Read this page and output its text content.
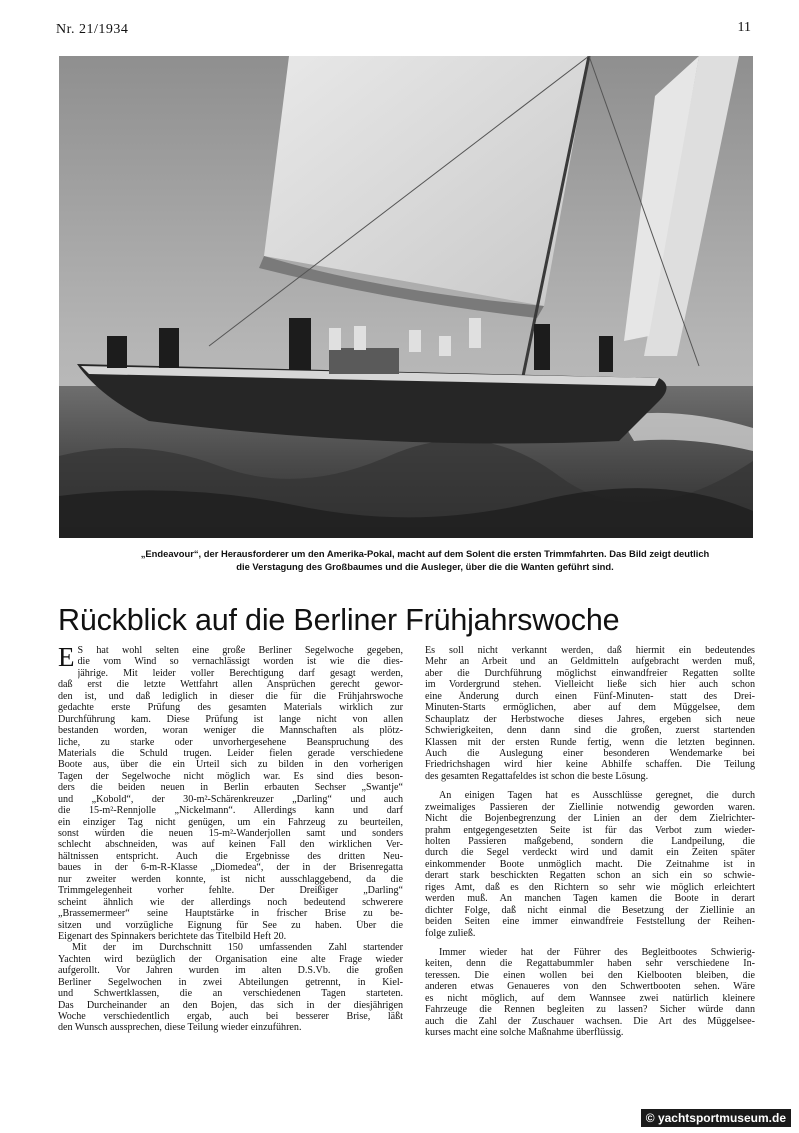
Nr. 21/1934	11
„Endeavour“, der Herausforderer um den Amerika-Pokal, macht auf dem Solent die ersten Trimmfahrten. Das Bild zeigt deutlich
die Verstagung des Großbaumes und die Ausleger, über die die Wanten geführt sind.
Rückblick auf die Berliner Frühjahrswoche
E S hat wohl selten eine große Berliner Segelwoche gegeben,
die vom Wind so vernachlässigt worden ist wie die dies-
jährige. Mit leider voller Berechtigung darf gesagt werden,
daß erst die letzte Wettfahrt allen Ansprüchen gerecht gewor-
den ist, und daß lediglich in dieser die für die Frühjahrswoche
gedachte erste Prüfung des gesamten Materials wirklich zur
Durchführung kam. Diese Prüfung ist lange nicht von allen
bestanden worden, woran weniger die Mannschaften als plötz-
liche, zu starke oder unvorhergesehene Beanspruchung des
Materials die Schuld trugen. Leider fielen gerade verschiedene
Boote aus, über die ein Urteil sich zu bilden in den vorherigen
Tagen der Segelwoche nicht möglich war. Es sind dies beson-
ders die beiden neuen in Berlin erbauten Sechser „Swantje“
und „Kobold“, der 30-m²-Schärenkreuzer „Darling“ und auch
die 15-m²-Rennjolle „Nickelmann“. Allerdings kann und darf
ein einziger Tag nicht genügen, um ein Fahrzeug zu beurteilen,
sonst würden die neuen 15-m²-Wanderjollen samt und sonders
schlecht abschneiden, was auf keinen Fall den wirklichen Ver-
hältnissen entspricht. Auch die Ergebnisse des dritten Neu-
baues in der 6-m-R-Klasse „Diomedea“, der in der Brisenregatta
nur zweiter werden konnte, ist nicht ausschlaggebend, da die
Trimmgelegenheit vorher fehlte. Der Dreißiger „Darling“
scheint ähnlich wie der allerdings noch bedeutend schwerere
„Brassemermeer“ seine Hauptstärke in frischer Brise zu be-
sitzen und vorzügliche Eignung für See zu haben. Über die
Eigenart des Spinnakers berichtete das Titelbild Heft 20.
Mit der im Durchschnitt 150 umfassenden Zahl startender
Yachten wird bezüglich der Organisation eine alte Frage wieder
aufgerollt. Vor Jahren wurden im alten D.S.Vb. die großen
Berliner Segelwochen in zwei Abteilungen getrennt, in Kiel-
und Schwertklassen, die an verschiedenen Tagen starteten.
Das Durcheinander an den Bojen, das sich in der diesjährigen
Woche verschiedentlich ergab, auch bei besserer Brise, läßt
den Wunsch aussprechen, diese Teilung wieder einzuführen.
Es soll nicht verkannt werden, daß hiermit ein bedeutendes
Mehr an Arbeit und an Geldmitteln aufgebracht werden muß,
aber die Durchführung möglichst einwandfreier Regatten sollte
im Vordergrund stehen. Vielleicht ließe sich hier auch schon
eine Änderung durch einen Fünf-Minuten- statt des Drei-
Minuten-Starts ermöglichen, aber auf dem Müggelsee, dem
Schauplatz der Herbstwoche dieses Jahres, ergeben sich neue
Schwierigkeiten, denn dann sind die großen, zuerst startenden
Klassen mit der ersten Runde fertig, wenn die letzten beginnen.
Auch die Auslegung einer besonderen Wendemarke bei
Friedrichshagen wird hier keine Abhilfe schaffen. Die Teilung
des gesamten Regattafeldes ist schon die beste Lösung.
An einigen Tagen hat es Ausschlüsse geregnet, die durch
zweimaliges Passieren der Ziellinie notwendig geworden waren.
Nicht die Bojenbegrenzung der Linien an der dem Zielrichter-
prahm entgegengesetzten Seite ist für das Verbot zum wieder-
holten Passieren maßgebend, sondern die Landpeilung, die
durch die Segel verdeckt wird und damit ein Zeiten später
einkommender Boote unmöglich macht. Die Zeitnahme ist in
derart stark beschickten Regatten schon an sich ein so schwie-
riges Amt, daß es den Richtern so sehr wie möglich erleichtert
werden muß. An manchen Tagen kamen die Boote in derart
dichter Folge, daß nicht einmal die Besetzung der Ziellinie an
beiden Seiten eine immer einwandfreie Feststellung der Reihen-
folge zuließ.
Immer wieder hat der Führer des Begleitbootes Schwierig-
keiten, denn die Regattabummler haben sehr verschiedene In-
teressen. Die einen wollen bei den Kielbooten bleiben, die
anderen etwas Genaueres von den Schwertbooten sehen. Wäre
es nicht möglich, auf dem Wannsee zwei natürlich kleinere
Fahrzeuge die Rennen begleiten zu lassen? Sicher würde dann
auch die Zahl der Zuschauer wachsen. Die Art des Müggelsee-
kurses macht eine solche Maßnahme überflüssig.
© yachtsportmuseum.de
